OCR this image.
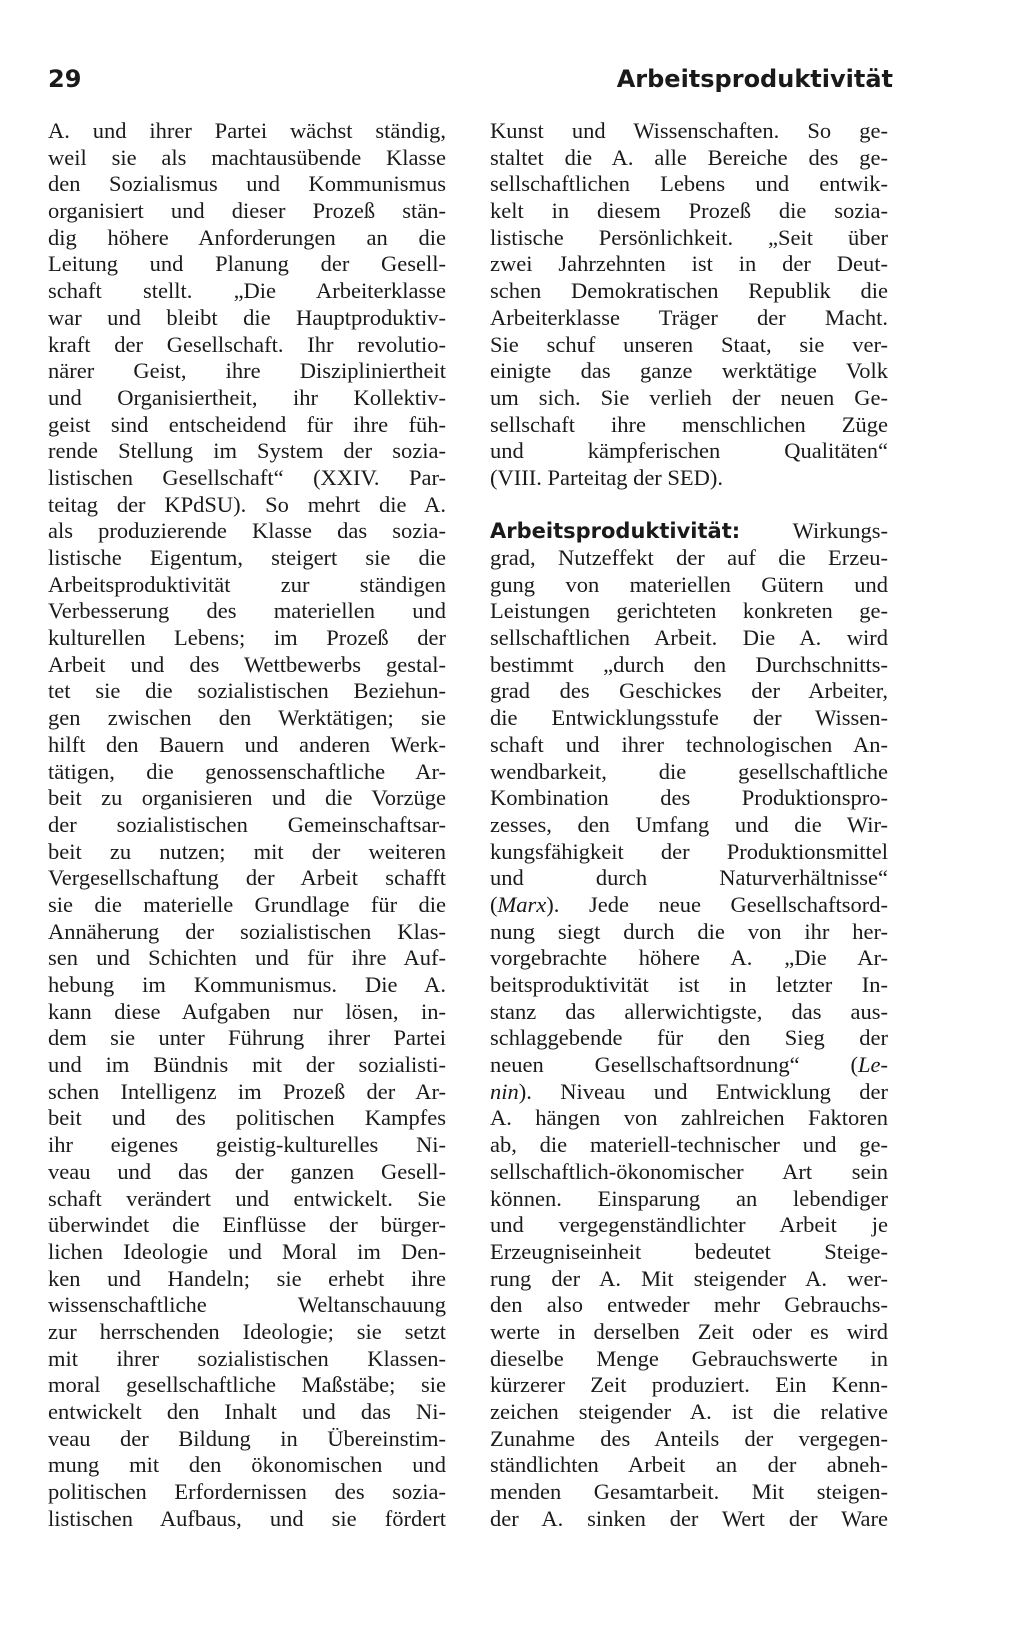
29	Arbeitsproduktivität
A. und ihrer Partei wächst ständig,
weil sie als machtausübende Klasse
den Sozialismus und Kommunismus
organisiert und dieser Prozeß stän-
dig höhere Anforderungen an die
Leitung und Planung der Gesell-
schaft stellt. „Die Arbeiterklasse
war und bleibt die Hauptproduktiv-
kraft der Gesellschaft. Ihr revolutio-
närer Geist, ihre Diszipliniertheit
und Organisiertheit, ihr Kollektiv-
geist sind entscheidend für ihre füh-
rende Stellung im System der sozia-
listischen Gesellschaft“ (XXIV. Par-
teitag der KPdSU). So mehrt die A.
als produzierende Klasse das sozia-
listische Eigentum, steigert sie die
Arbeitsproduktivität zur ständigen
Verbesserung des materiellen und
kulturellen Lebens; im Prozeß der
Arbeit und des Wettbewerbs gestal-
tet sie die sozialistischen Beziehun-
gen zwischen den Werktätigen; sie
hilft den Bauern und anderen Werk-
tätigen, die genossenschaftliche Ar-
beit zu organisieren und die Vorzüge
der sozialistischen Gemeinschaftsar-
beit zu nutzen; mit der weiteren
Vergesellschaftung der Arbeit schafft
sie die materielle Grundlage für die
Annäherung der sozialistischen Klas-
sen und Schichten und für ihre Auf-
hebung im Kommunismus. Die A.
kann diese Aufgaben nur lösen, in-
dem sie unter Führung ihrer Partei
und im Bündnis mit der sozialisti-
schen Intelligenz im Prozeß der Ar-
beit und des politischen Kampfes
ihr eigenes geistig-kulturelles Ni-
veau und das der ganzen Gesell-
schaft verändert und entwickelt. Sie
überwindet die Einflüsse der bürger-
lichen Ideologie und Moral im Den-
ken und Handeln; sie erhebt ihre
wissenschaftliche Weltanschauung
zur herrschenden Ideologie; sie setzt
mit ihrer sozialistischen Klassen-
moral gesellschaftliche Maßstäbe; sie
entwickelt den Inhalt und das Ni-
veau der Bildung in Übereinstim-
mung mit den ökonomischen und
politischen Erfordernissen des sozia-
listischen Aufbaus, und sie fördert
Kunst und Wissenschaften. So ge-
staltet die A. alle Bereiche des ge-
sellschaftlichen Lebens und entwik-
kelt in diesem Prozeß die sozia-
listische Persönlichkeit. „Seit über
zwei Jahrzehnten ist in der Deut-
schen Demokratischen Republik die
Arbeiterklasse Träger der Macht.
Sie schuf unseren Staat, sie ver-
einigte das ganze werktätige Volk
um sich. Sie verlieh der neuen Ge-
sellschaft ihre menschlichen Züge
und kämpferischen Qualitäten“
(VIII. Parteitag der SED).
Arbeitsproduktivität: Wirkungs-
grad, Nutzeffekt der auf die Erzeu-
gung von materiellen Gütern und
Leistungen gerichteten konkreten ge-
sellschaftlichen Arbeit. Die A. wird
bestimmt „durch den Durchschnitts-
grad des Geschickes der Arbeiter,
die Entwicklungsstufe der Wissen-
schaft und ihrer technologischen An-
wendbarkeit, die gesellschaftliche
Kombination des Produktionspro-
zesses, den Umfang und die Wir-
kungsfähigkeit der Produktionsmittel
und durch Naturverhältnisse“
(Marx). Jede neue Gesellschaftsord-
nung siegt durch die von ihr her-
vorgebrachte höhere A. „Die Ar-
beitsproduktivität ist in letzter In-
stanz das allerwichtigste, das aus-
schlaggebende für den Sieg der
neuen Gesellschaftsordnung“ (Le-
nin). Niveau und Entwicklung der
A. hängen von zahlreichen Faktoren
ab, die materiell-technischer und ge-
sellschaftlich-ökonomischer Art sein
können. Einsparung an lebendiger
und vergegenständlichter Arbeit je
Erzeugniseinheit bedeutet Steige-
rung der A. Mit steigender A. wer-
den also entweder mehr Gebrauchs-
werte in derselben Zeit oder es wird
dieselbe Menge Gebrauchswerte in
kürzerer Zeit produziert. Ein Kenn-
zeichen steigender A. ist die relative
Zunahme des Anteils der vergegen-
ständlichten Arbeit an der abneh-
menden Gesamtarbeit. Mit steigen-
der A. sinken der Wert der Ware
